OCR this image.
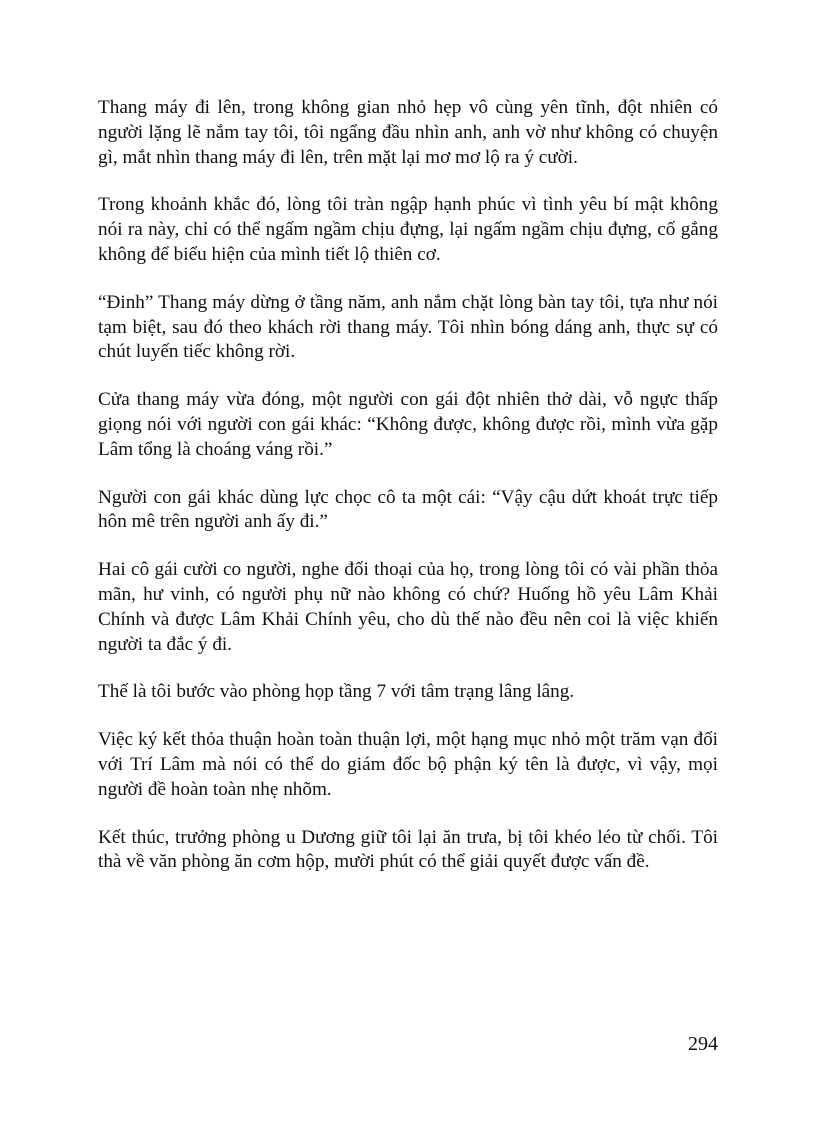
Thang máy đi lên, trong không gian nhỏ hẹp vô cùng yên tĩnh, đột nhiên có người lặng lẽ nắm tay tôi, tôi ngẩng đầu nhìn anh, anh vờ như không có chuyện gì, mắt nhìn thang máy đi lên, trên mặt lại mơ mơ lộ ra ý cười.

Trong khoảnh khắc đó, lòng tôi tràn ngập hạnh phúc vì tình yêu bí mật không nói ra này, chỉ có thể ngấm ngầm chịu đựng, lại ngấm ngầm chịu đựng, cố gắng không để biểu hiện của mình tiết lộ thiên cơ.

“Đinh” Thang máy dừng ở tầng năm, anh nắm chặt lòng bàn tay tôi, tựa như nói tạm biệt, sau đó theo khách rời thang máy. Tôi nhìn bóng dáng anh, thực sự có chút luyến tiếc không rời.

Cửa thang máy vừa đóng, một người con gái đột nhiên thở dài, vỗ ngực thấp giọng nói với người con gái khác: “Không được, không được rồi, mình vừa gặp Lâm tổng là choáng váng rồi.”

Người con gái khác dùng lực chọc cô ta một cái: “Vậy cậu dứt khoát trực tiếp hôn mê trên người anh ấy đi.”

Hai cô gái cười co người, nghe đối thoại của họ, trong lòng tôi có vài phần thỏa mãn, hư vinh, có người phụ nữ nào không có chứ? Huống hồ yêu Lâm Khải Chính và được Lâm Khải Chính yêu, cho dù thế nào đều nên coi là việc khiến người ta đắc ý đi.

Thế là tôi bước vào phòng họp tầng 7 với tâm trạng lâng lâng.

Việc ký kết thỏa thuận hoàn toàn thuận lợi, một hạng mục nhỏ một trăm vạn đối với Trí Lâm mà nói có thể do giám đốc bộ phận ký tên là được, vì vậy, mọi người đề hoàn toàn nhẹ nhõm.

Kết thúc, trưởng phòng u Dương giữ tôi lại ăn trưa, bị tôi khéo léo từ chối. Tôi thà về văn phòng ăn cơm hộp, mười phút có thể giải quyết được vấn đề.

294
